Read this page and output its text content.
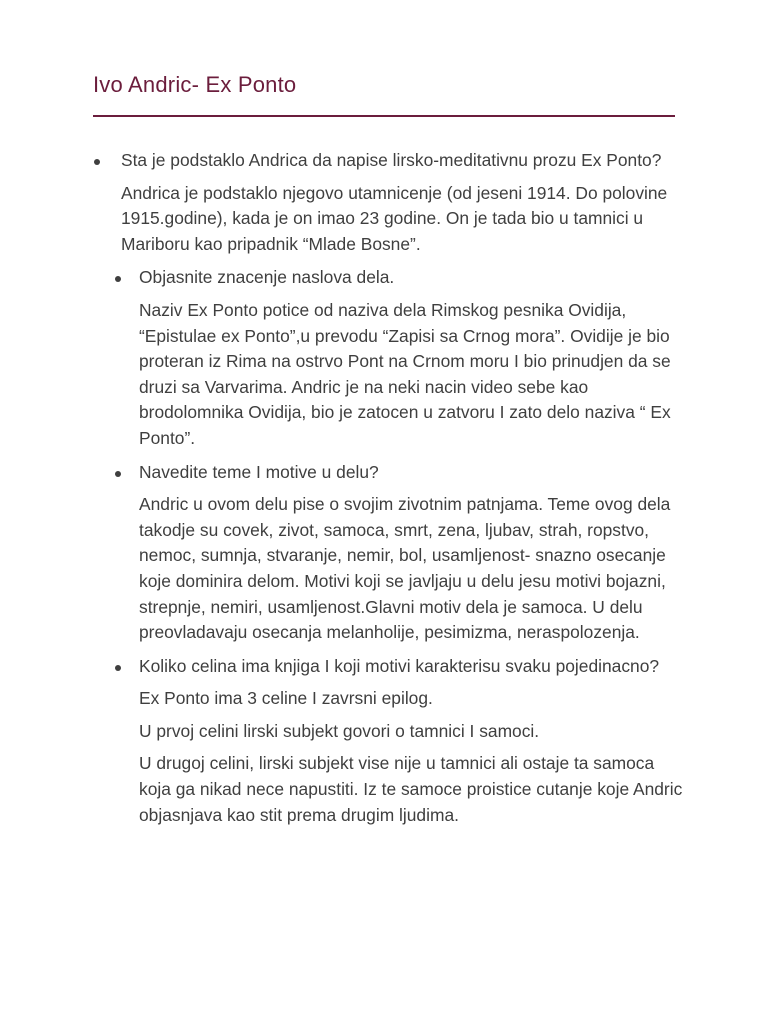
Ivo Andric- Ex Ponto

Sta je podstaklo Andrica da napise lirsko-meditativnu prozu Ex Ponto?

Andrica je podstaklo njegovo utamnicenje (od jeseni 1914. Do polovine 1915.godine), kada je on imao 23 godine. On je tada bio u tamnici u Mariboru kao pripadnik “Mlade Bosne”.

Objasnite znacenje naslova dela.

Naziv Ex Ponto potice od naziva dela Rimskog pesnika Ovidija, “Epistulae ex Ponto”,u prevodu “Zapisi sa Crnog mora”. Ovidije je bio proteran iz Rima na ostrvo Pont na Crnom moru I bio prinudjen da se druzi sa Varvarima. Andric je na neki nacin video sebe kao brodolomnika Ovidija, bio je zatocen u zatvoru I zato delo naziva “ Ex Ponto”.

Navedite teme I motive u delu?

Andric u ovom delu pise o svojim zivotnim patnjama. Teme ovog dela takodje su covek, zivot, samoca, smrt, zena, ljubav, strah, ropstvo, nemoc, sumnja, stvaranje, nemir, bol, usamljenost- snazno osecanje koje dominira delom. Motivi koji se javljaju u delu jesu motivi bojazni, strepnje, nemiri, usamljenost.Glavni motiv dela je samoca. U delu preovladavaju osecanja melanholije, pesimizma, neraspolozenja.

Koliko celina ima knjiga I koji motivi karakterisu svaku pojedinacno?

Ex Ponto ima 3 celine I zavrsni epilog.

U prvoj celini lirski subjekt govori o tamnici I samoci.

U drugoj celini, lirski subjekt vise nije u tamnici ali ostaje ta samoca koja ga nikad nece napustiti. Iz te samoce proistice cutanje koje Andric objasnjava kao stit prema drugim ljudima.
